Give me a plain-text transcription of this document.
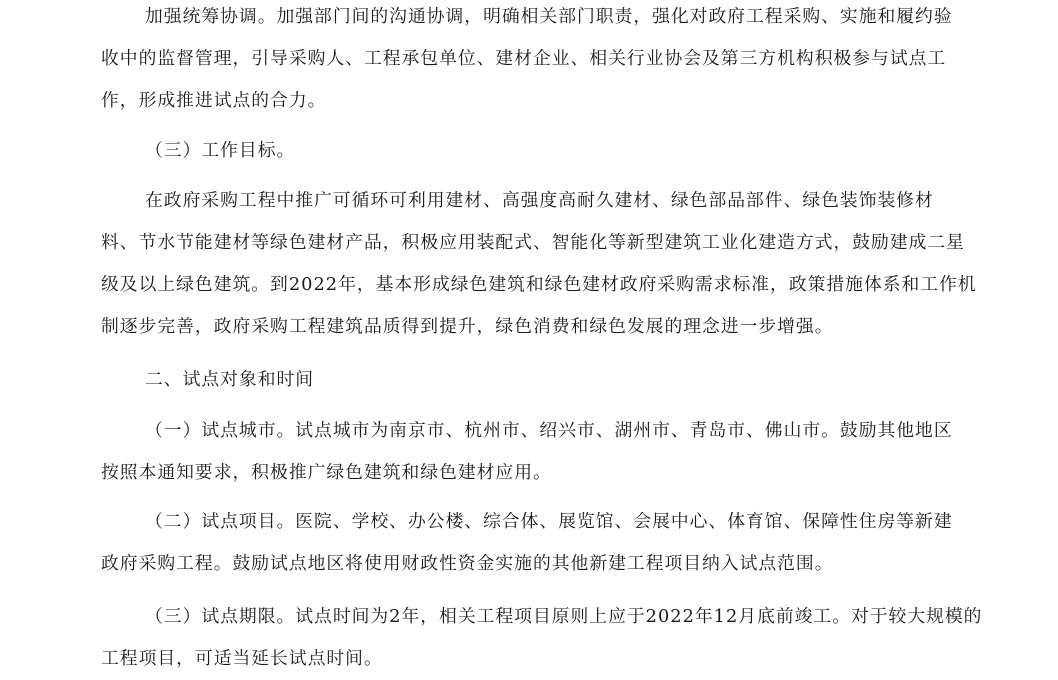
加强统筹协调。加强部门间的沟通协调，明确相关部门职责，强化对政府工程采购、实施和履约验
收中的监督管理，引导采购人、工程承包单位、建材企业、相关行业协会及第三方机构积极参与试点工
作，形成推进试点的合力。
（三）工作目标。
在政府采购工程中推广可循环可利用建材、高强度高耐久建材、绿色部品部件、绿色装饰装修材
料、节水节能建材等绿色建材产品，积极应用装配式、智能化等新型建筑工业化建造方式，鼓励建成二星
级及以上绿色建筑。到2022年，基本形成绿色建筑和绿色建材政府采购需求标准，政策措施体系和工作机
制逐步完善，政府采购工程建筑品质得到提升，绿色消费和绿色发展的理念进一步增强。
二、试点对象和时间
（一）试点城市。试点城市为南京市、杭州市、绍兴市、湖州市、青岛市、佛山市。鼓励其他地区
按照本通知要求，积极推广绿色建筑和绿色建材应用。
（二）试点项目。医院、学校、办公楼、综合体、展览馆、会展中心、体育馆、保障性住房等新建
政府采购工程。鼓励试点地区将使用财政性资金实施的其他新建工程项目纳入试点范围。
（三）试点期限。试点时间为2年，相关工程项目原则上应于2022年12月底前竣工。对于较大规模的
工程项目，可适当延长试点时间。
